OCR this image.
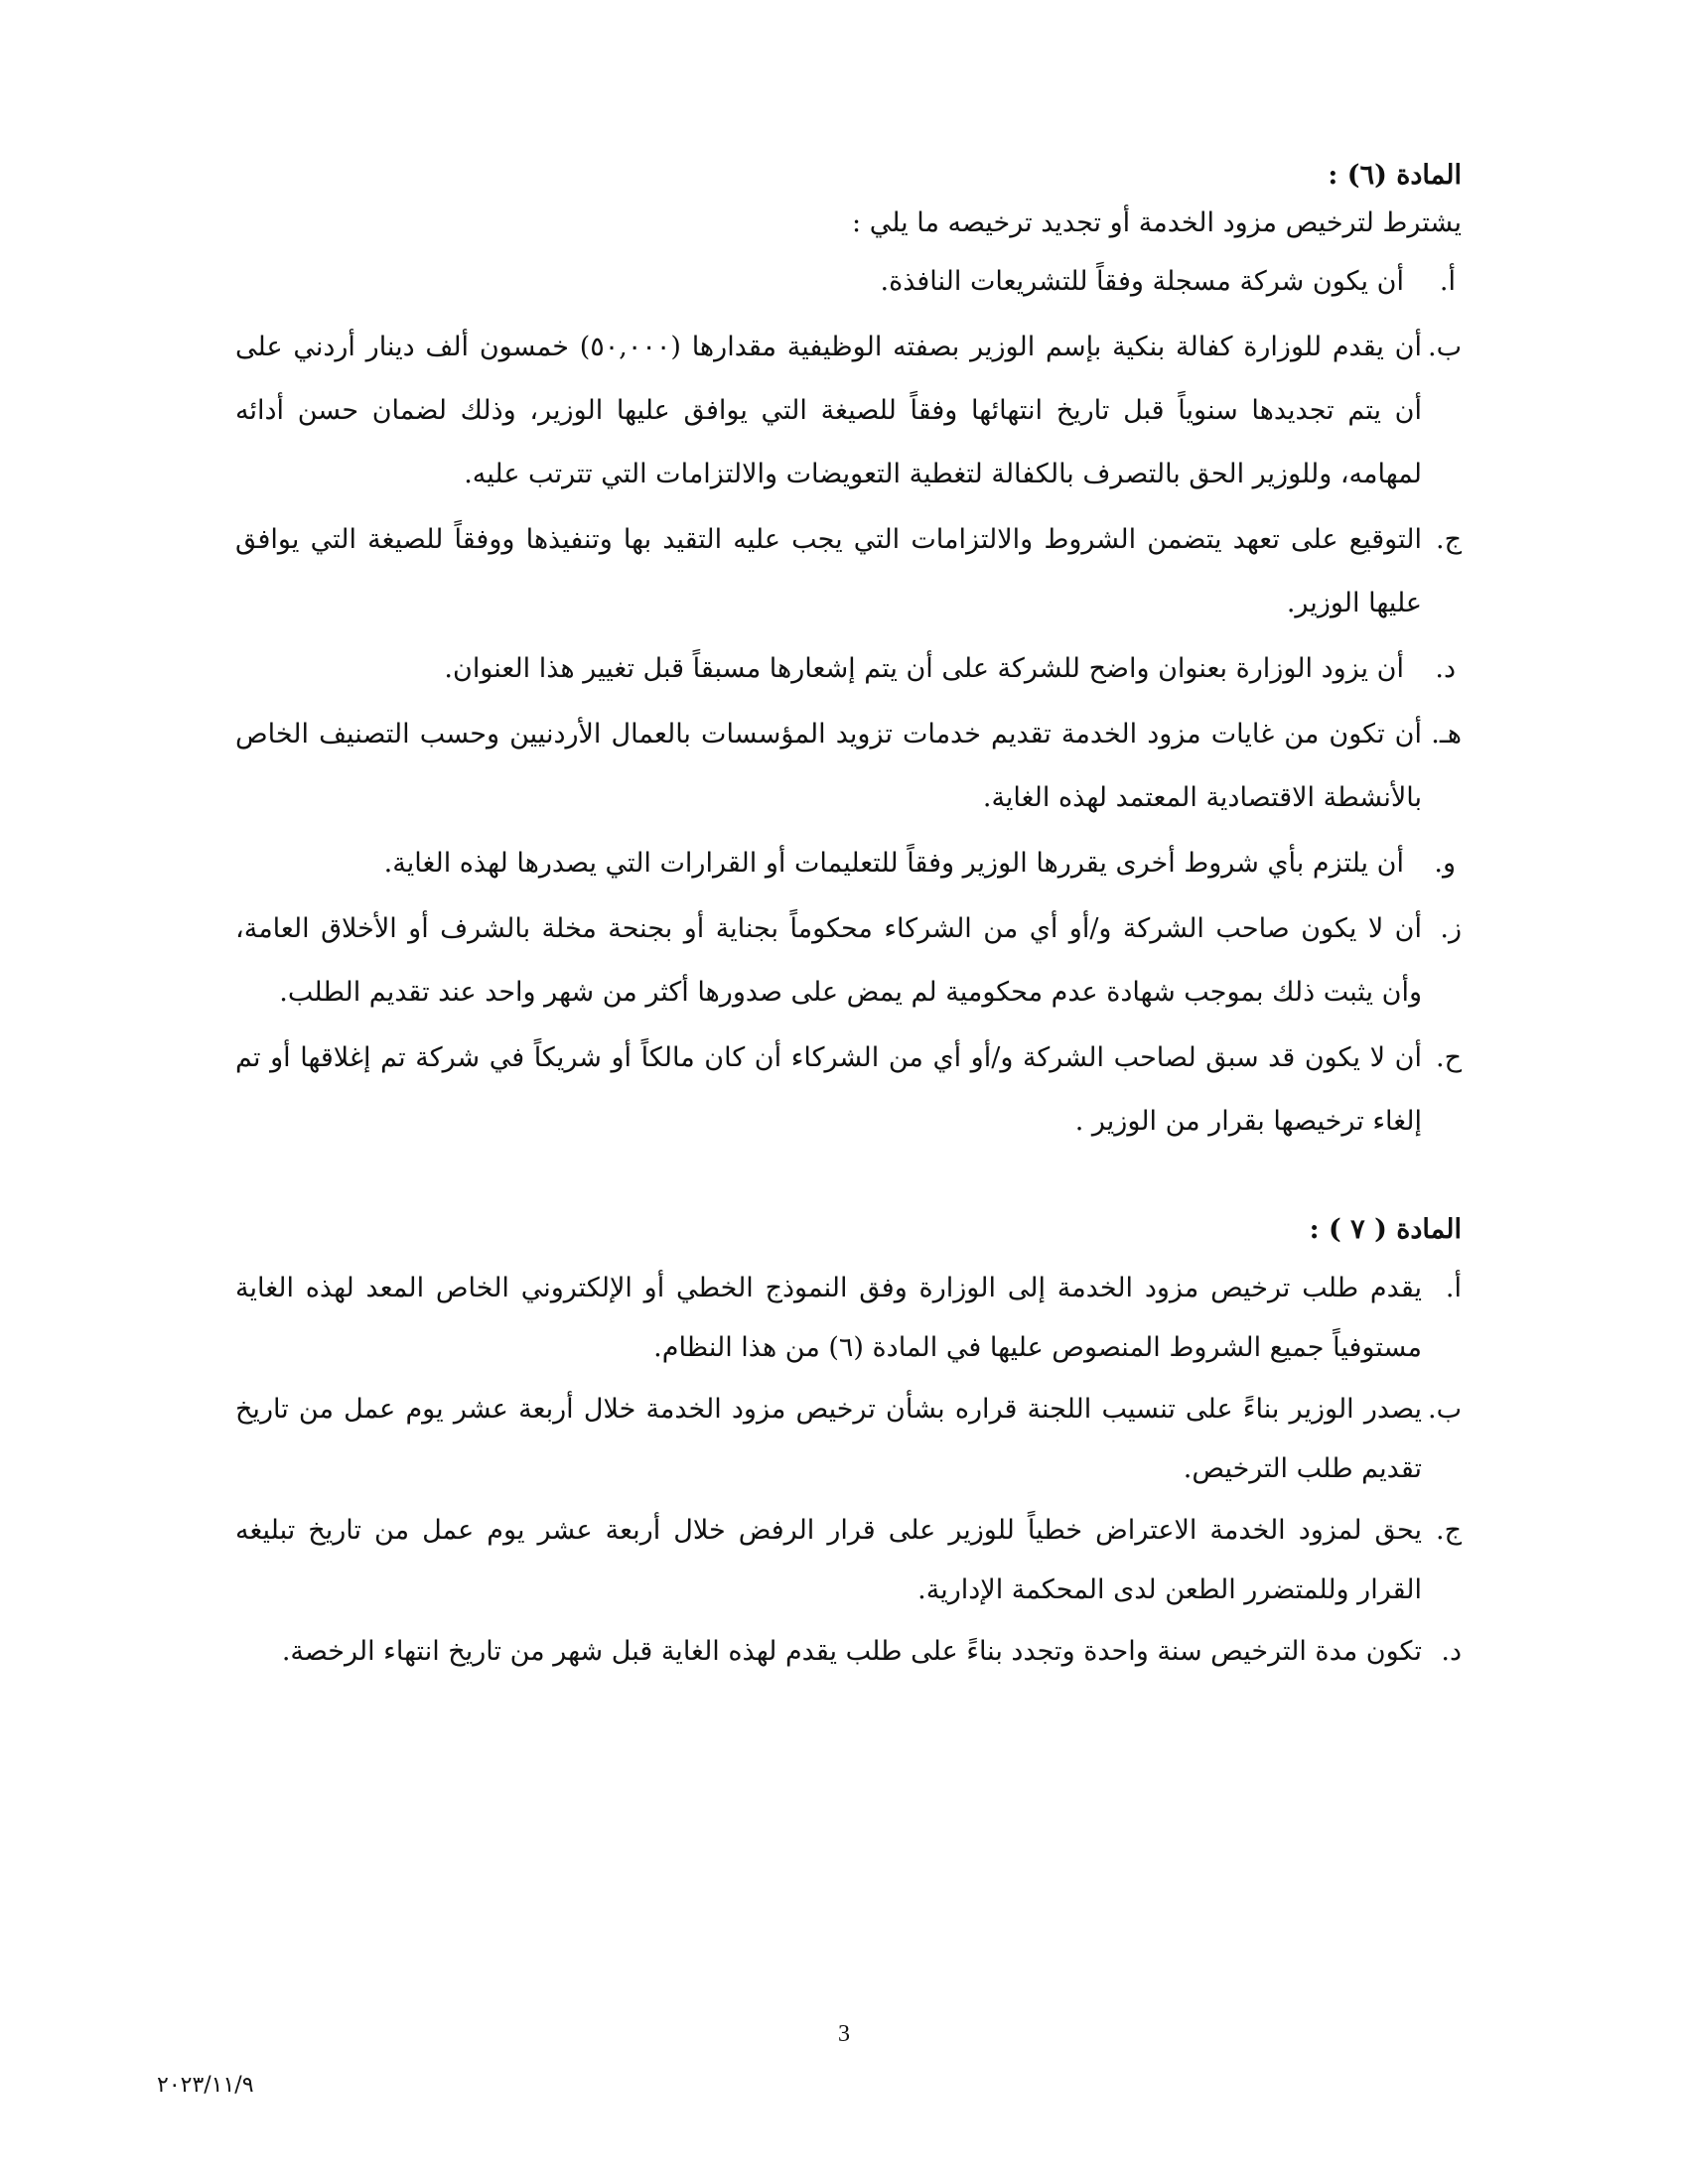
المادة (٦) :
يشترط لترخيص مزود الخدمة أو تجديد ترخيصه ما يلي :
أ.
أن يكون شركة مسجلة وفقاً للتشريعات النافذة.
ب.
أن يقدم للوزارة كفالة بنكية بإسم الوزير بصفته الوظيفية مقدارها (٥٠,٠٠٠) خمسون ألف دينار أردني على أن يتم تجديدها سنوياً قبل تاريخ انتهائها وفقاً للصيغة التي يوافق عليها الوزير، وذلك لضمان حسن أدائه لمهامه، وللوزير الحق بالتصرف بالكفالة لتغطية التعويضات والالتزامات التي تترتب عليه.
ج.
التوقيع على تعهد يتضمن الشروط والالتزامات التي يجب عليه التقيد بها وتنفيذها ووفقاً للصيغة التي يوافق عليها الوزير.
د.
أن يزود الوزارة بعنوان واضح للشركة على أن يتم إشعارها مسبقاً قبل تغيير هذا العنوان.
هـ.
أن تكون من غايات مزود الخدمة تقديم خدمات تزويد المؤسسات بالعمال الأردنيين وحسب التصنيف الخاص بالأنشطة الاقتصادية المعتمد لهذه الغاية.
و.
أن يلتزم بأي شروط أخرى يقررها الوزير وفقاً للتعليمات أو القرارات التي يصدرها لهذه الغاية.
ز.
أن لا يكون صاحب الشركة و/أو أي من الشركاء محكوماً بجناية أو بجنحة مخلة بالشرف أو الأخلاق العامة، وأن يثبت ذلك بموجب شهادة عدم محكومية لم يمض على صدورها أكثر من شهر واحد عند تقديم الطلب.
ح.
أن لا يكون قد سبق لصاحب الشركة و/أو أي من الشركاء أن كان مالكاً أو شريكاً في شركة تم إغلاقها أو تم إلغاء ترخيصها بقرار من الوزير .
المادة ( ٧ ) :
أ.
يقدم طلب ترخيص مزود الخدمة إلى الوزارة وفق النموذج الخطي أو الإلكتروني الخاص المعد لهذه الغاية مستوفياً جميع الشروط المنصوص عليها في المادة (٦) من هذا النظام.
ب.
يصدر الوزير بناءً على تنسيب اللجنة قراره بشأن ترخيص مزود الخدمة خلال أربعة عشر يوم عمل من تاريخ تقديم طلب الترخيص.
ج.
يحق لمزود الخدمة الاعتراض خطياً للوزير على قرار الرفض خلال أربعة عشر يوم عمل من تاريخ تبليغه القرار وللمتضرر الطعن لدى المحكمة الإدارية.
د.
تكون مدة الترخيص سنة واحدة وتجدد بناءً على طلب يقدم لهذه الغاية قبل شهر من تاريخ انتهاء الرخصة.
3
٢٠٢٣/١١/٩
